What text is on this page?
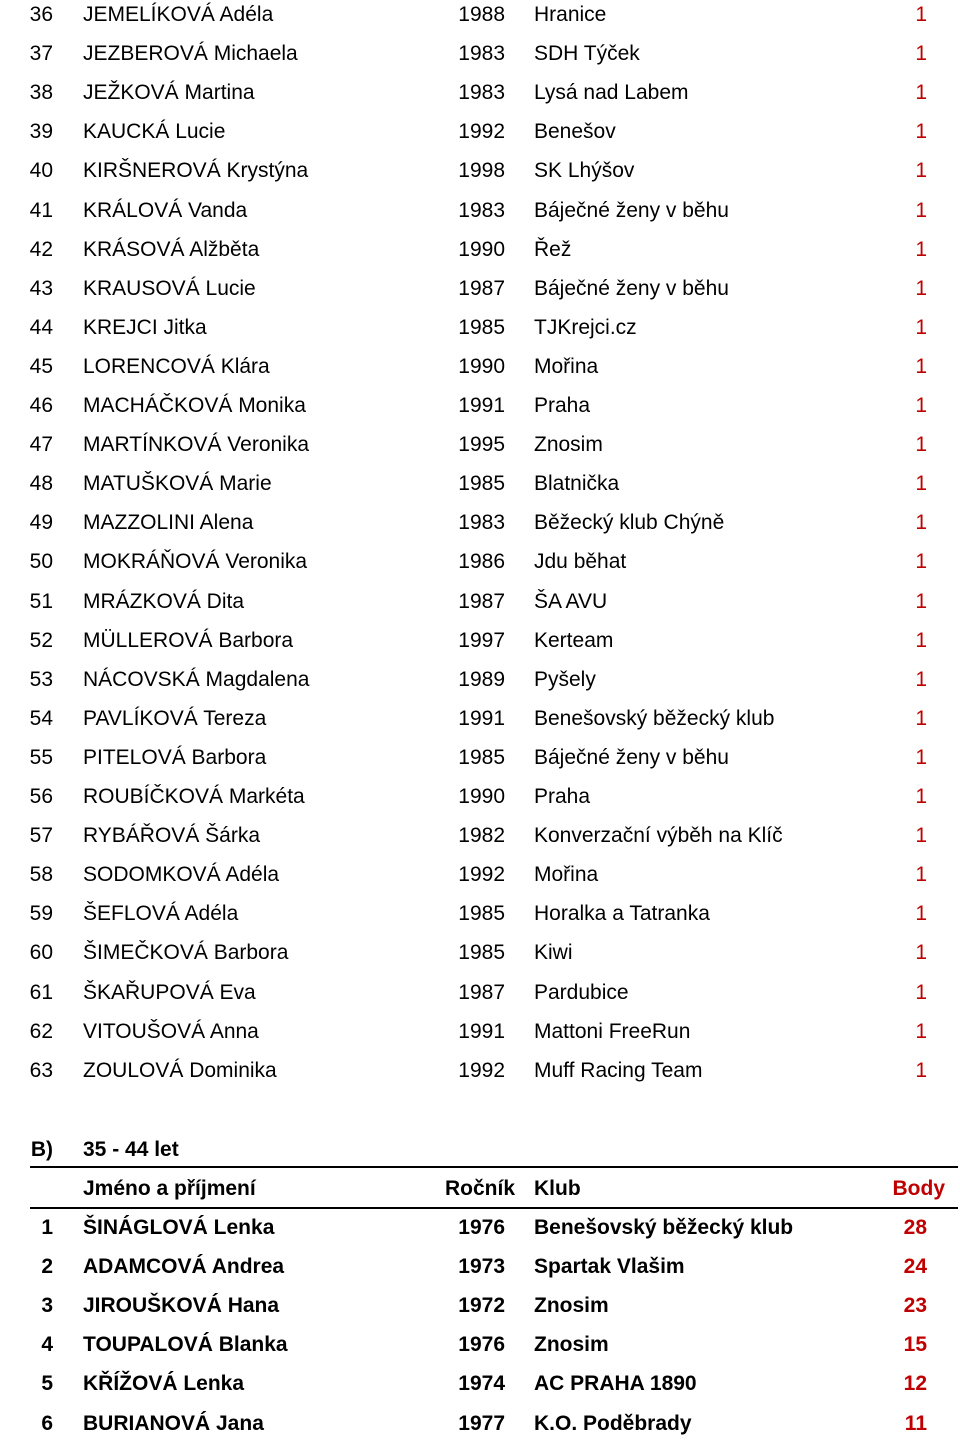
36 JEMELÍKOVÁ Adéla	1988 Hranice	1
37 JEZBEROVÁ Michaela	1983 SDH Týček	1
38 JEŽKOVÁ Martina	1983 Lysá nad Labem	1
39 KAUCKÁ Lucie	1992 Benešov	1
40 KIRŠNEROVÁ Krystýna	1998 SK Lhýšov	1
41 KRÁLOVÁ Vanda	1983 Báječné ženy v běhu	1
42 KRÁSOVÁ Alžběta	1990 Řež	1
43 KRAUSOVÁ Lucie	1987 Báječné ženy v běhu	1
44 KREJCI Jitka	1985 TJKrejci.cz	1
45 LORENCOVÁ Klára	1990 Mořina	1
46 MACHÁČKOVÁ Monika	1991 Praha	1
47 MARTÍNKOVÁ Veronika	1995 Znosim	1
48 MATUŠKOVÁ Marie	1985 Blatnička	1
49 MAZZOLINI Alena	1983 Běžecký klub Chýně	1
50 MOKRÁŇOVÁ Veronika	1986 Jdu běhat	1
51 MRÁZKOVÁ Dita	1987 ŠA AVU	1
52 MÜLLEROVÁ Barbora	1997 Kerteam	1
53 NÁCOVSKÁ Magdalena	1989 Pyšely	1
54 PAVLÍKOVÁ Tereza	1991 Benešovský běžecký klub	1
55 PITELOVÁ Barbora	1985 Báječné ženy v běhu	1
56 ROUBÍČKOVÁ Markéta	1990 Praha	1
57 RYBÁŘOVÁ Šárka	1982 Konverzační výběh na Klíč	1
58 SODOMKOVÁ Adéla	1992 Mořina	1
59 ŠEFLOVÁ Adéla	1985 Horalka a Tatranka	1
60 ŠIMEČKOVÁ Barbora	1985 Kiwi	1
61 ŠKAŘUPOVÁ Eva	1987 Pardubice	1
62 VITOUŠOVÁ Anna	1991 Mattoni FreeRun	1
63 ZOULOVÁ Dominika	1992 Muff Racing Team	1
B) 35 - 44 let
Jméno a příjmení	Ročník Klub	Body
1 ŠINÁGLOVÁ Lenka	1976 Benešovský běžecký klub	28
2 ADAMCOVÁ Andrea	1973 Spartak Vlašim	24
3 JIROUŠKOVÁ Hana	1972 Znosim	23
4 TOUPALOVÁ Blanka	1976 Znosim	15
5 KŘÍŽOVÁ Lenka	1974 AC PRAHA 1890	12
6 BURIANOVÁ Jana	1977 K.O. Poděbrady	11
